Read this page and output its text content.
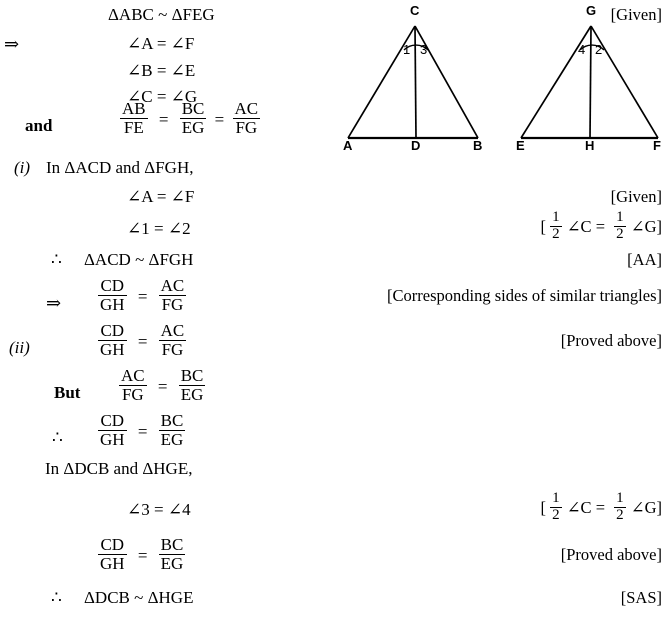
ΔABC ~ ΔFEG	[Given]
⇒	∠A = ∠F
∠B = ∠E
∠C = ∠G
and	$\frac{AB}{FE} = \frac{BC}{EG} = \frac{AC}{FG}$
(i) In ΔACD and ΔFGH,
∠A = ∠F	[Given]
∠1 = ∠2	[ $\frac{1}{2}$ ∠C = $\frac{1}{2}$ ∠G]
∴ ΔACD ~ ΔFGH	[AA]
⇒ $\frac{CD}{GH} = \frac{AC}{FG}$	[Corresponding sides of similar triangles]
(ii)	$\frac{CD}{GH} = \frac{AC}{FG}$	[Proved above]
But $\frac{AC}{FG} = \frac{BC}{EG}$
∴ $\frac{CD}{GH} = \frac{BC}{EG}$
In ΔDCB and ΔHGE,
∠3 = ∠4	[ $\frac{1}{2}$ ∠C = $\frac{1}{2}$ ∠G]
$\frac{CD}{GH} = \frac{BC}{EG}$	[Proved above]
∴ ΔDCB ~ ΔHGE	[SAS]
C
A	D	B
1 3
G
E	H	F
4 2
